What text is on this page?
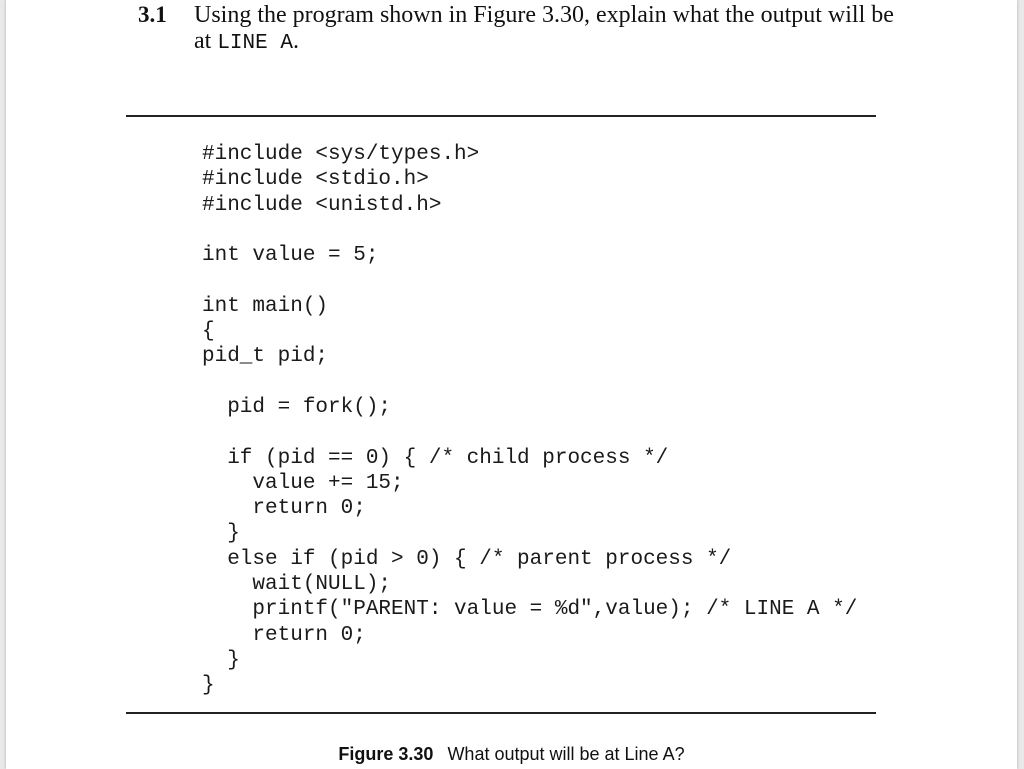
3.1 Using the program shown in Figure 3.30, explain what the output will be at LINE A.
#include <sys/types.h>
#include <stdio.h>
#include <unistd.h>
int value = 5;
int main()
{
pid_t pid;
pid = fork();
if (pid == 0) { /* child process */
value += 15;
return 0;
}
else if (pid > 0) { /* parent process */
wait(NULL);
printf("PARENT: value = %d",value); /* LINE A */
return 0;
}
}
Figure 3.30 What output will be at Line A?
